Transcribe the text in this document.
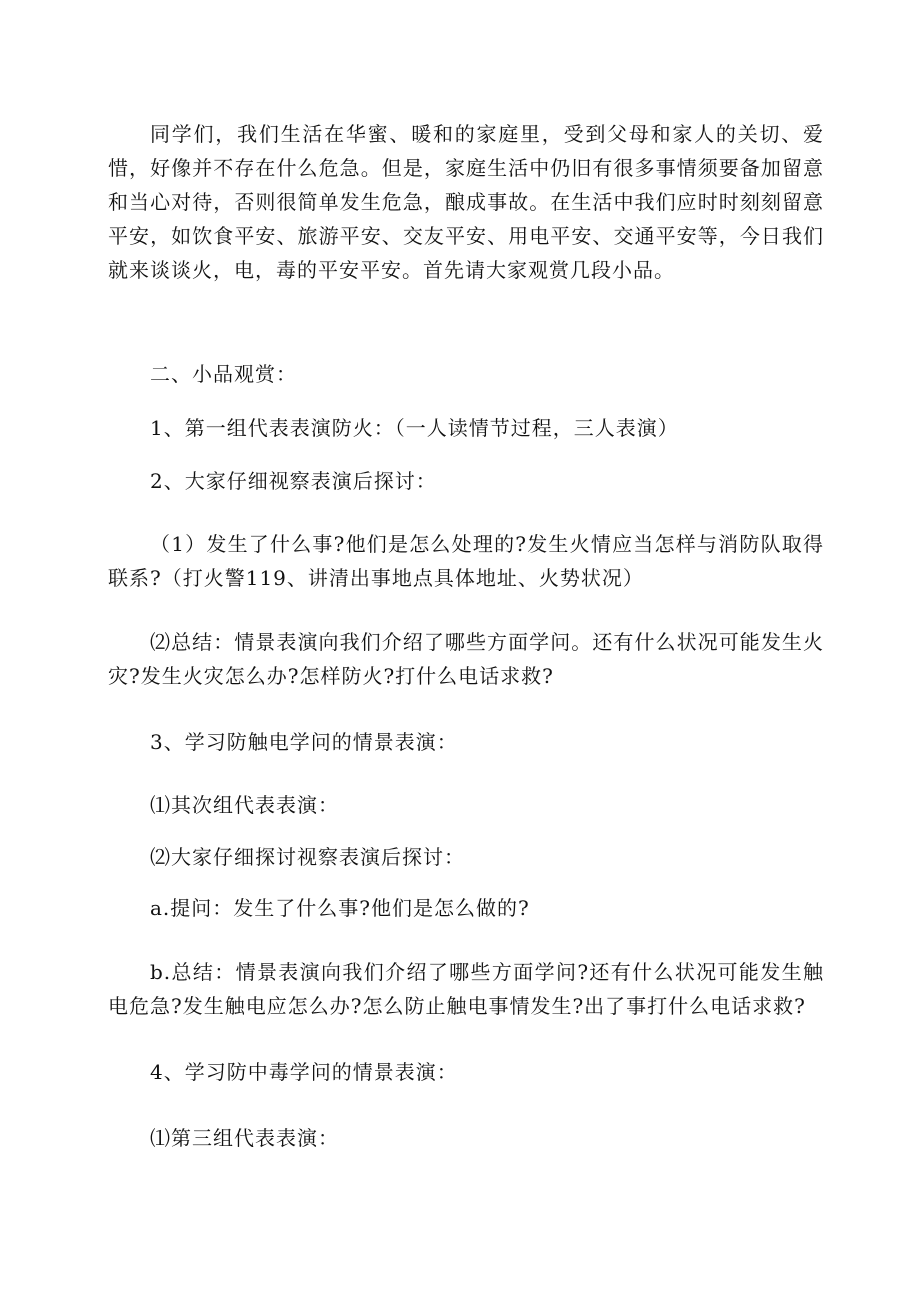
同学们，我们生活在华蜜、暖和的家庭里，受到父母和家人的关切、爱惜，好像并不存在什么危急。但是，家庭生活中仍旧有很多事情须要备加留意和当心对待，否则很简单发生危急，酿成事故。在生活中我们应时时刻刻留意平安，如饮食平安、旅游平安、交友平安、用电平安、交通平安等，今日我们就来谈谈火，电，毒的平安平安。首先请大家观赏几段小品。

二、小品观赏：

1、第一组代表表演防火：（一人读情节过程，三人表演）

2、大家仔细视察表演后探讨：

（1）发生了什么事?他们是怎么处理的?发生火情应当怎样与消防队取得联系?（打火警119、讲清出事地点具体地址、火势状况）

⑵总结：情景表演向我们介绍了哪些方面学问。还有什么状况可能发生火灾?发生火灾怎么办?怎样防火?打什么电话求救?

3、学习防触电学问的情景表演：

⑴其次组代表表演：

⑵大家仔细探讨视察表演后探讨：

a.提问：发生了什么事?他们是怎么做的?

b.总结：情景表演向我们介绍了哪些方面学问?还有什么状况可能发生触电危急?发生触电应怎么办?怎么防止触电事情发生?出了事打什么电话求救?

4、学习防中毒学问的情景表演：

⑴第三组代表表演：
